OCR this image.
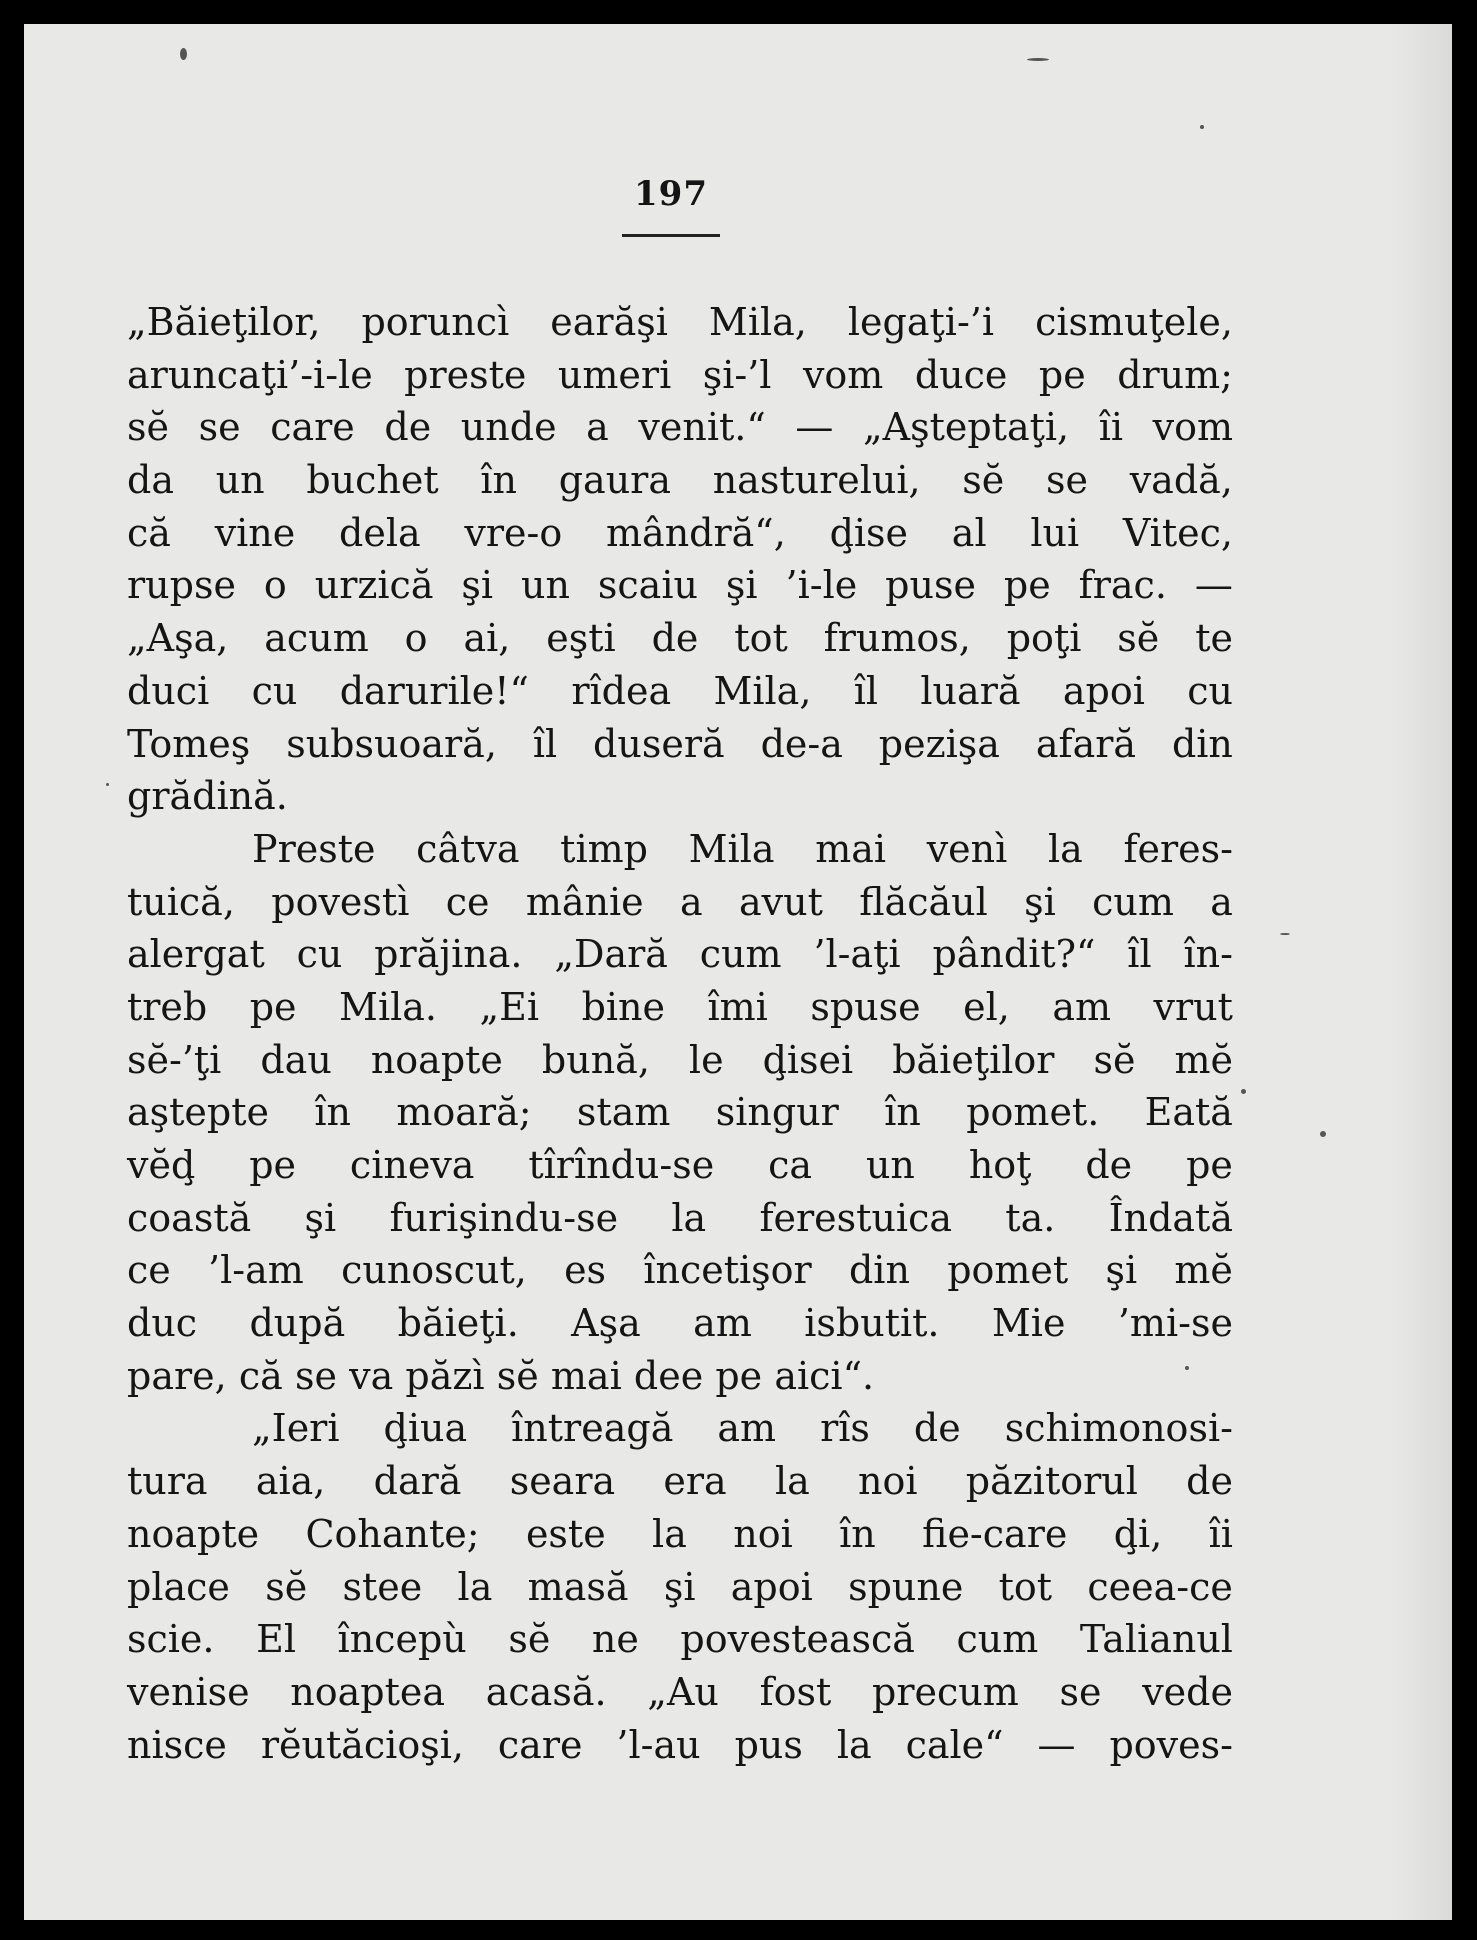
197
„Băieţilor, poruncì earăşi Mila, legaţi-’i cismuţele,
aruncaţi’-i-le preste umeri şi-’l vom duce pe drum;
sĕ se care de unde a venit.“ — „Aşteptaţi, îi vom
da un buchet în gaura nasturelui, sĕ se vadă,
că vine dela vre-o mândră“, ḑise al lui Vitec,
rupse o urzică şi un scaiu şi ’i-le puse pe frac. —
„Aşa, acum o ai, eşti de tot frumos, poţi sĕ te
duci cu darurile!“ rîdea Mila, îl luară apoi cu
Tomeş subsuoară, îl duseră de-a pezişa afară din
grădină.
Preste câtva timp Mila mai venì la feres-
tuică, povestì ce mânie a avut flăcăul şi cum a
alergat cu prăjina. „Dară cum ’l-aţi pândit?“ îl în-
treb pe Mila. „Ei bine îmi spuse el, am vrut
sĕ-’ţi dau noapte bună, le ḑisei băieţilor sĕ mĕ
aştepte în moară; stam singur în pomet. Eată
vĕḑ pe cineva tîrîndu-se ca un hoţ de pe
coastă şi furişindu-se la ferestuica ta. Îndată
ce ’l-am cunoscut, es încetişor din pomet şi mĕ
duc după băieţi. Aşa am isbutit. Mie ’mi-se
pare, că se va păzì sĕ mai dee pe aici“.
„Ieri ḑiua întreagă am rîs de schimonosi-
tura aia, dară seara era la noi păzitorul de
noapte Cohante; este la noi în fie-care ḑi, îi
place sĕ stee la masă şi apoi spune tot ceea-ce
scie. El începù sĕ ne povestească cum Talianul
venise noaptea acasă. „Au fost precum se vede
nisce rĕutăcioşi, care ’l-au pus la cale“ — poves-
